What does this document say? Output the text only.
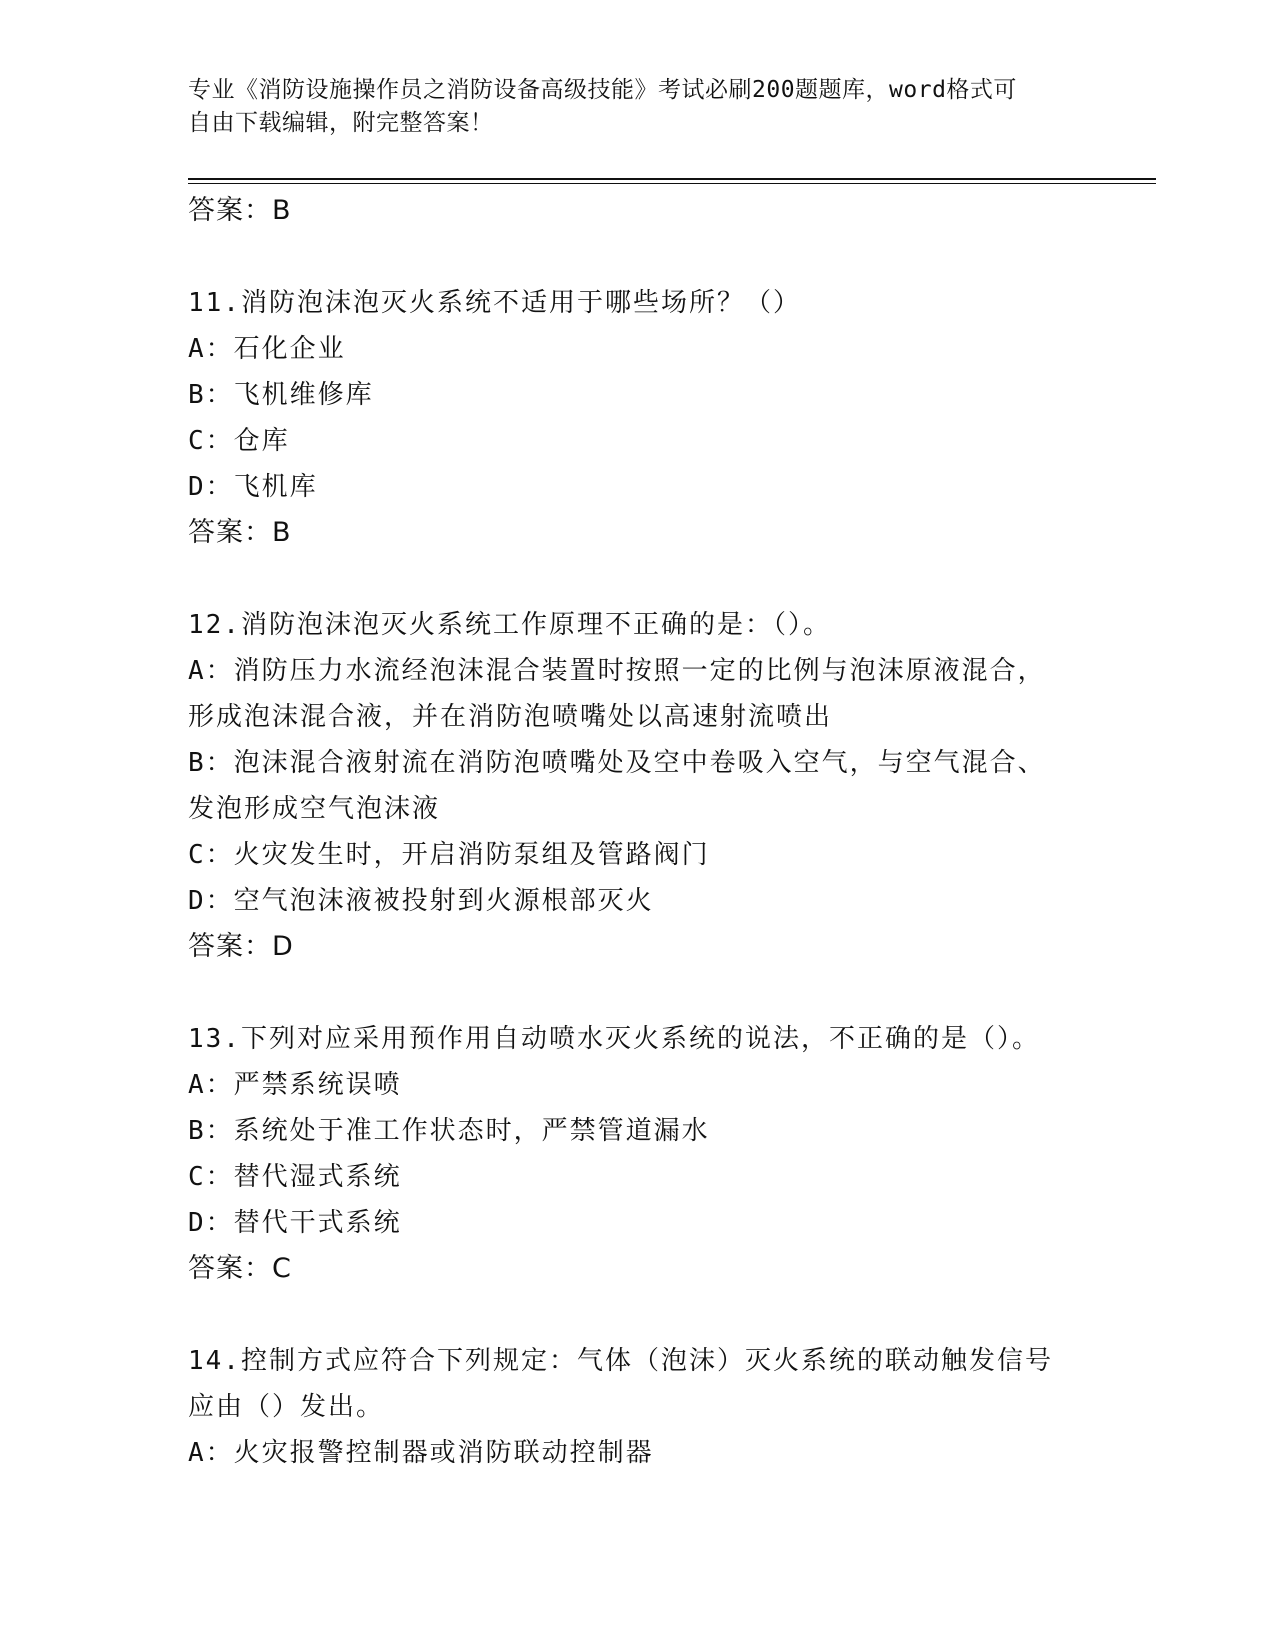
专业《消防设施操作员之消防设备高级技能》考试必刷200题题库，word格式可
自由下载编辑，附完整答案！
答案：B
11.消防泡沫泡灭火系统不适用于哪些场所？（）
A：石化企业
B：飞机维修库
C：仓库
D：飞机库
答案：B
12.消防泡沫泡灭火系统工作原理不正确的是：（）。
A：消防压力水流经泡沫混合装置时按照一定的比例与泡沫原液混合，
形成泡沫混合液，并在消防泡喷嘴处以高速射流喷出
B：泡沫混合液射流在消防泡喷嘴处及空中卷吸入空气，与空气混合、
发泡形成空气泡沫液
C：火灾发生时，开启消防泵组及管路阀门
D：空气泡沫液被投射到火源根部灭火
答案：D
13.下列对应采用预作用自动喷水灭火系统的说法，不正确的是（）。
A：严禁系统误喷
B：系统处于准工作状态时，严禁管道漏水
C：替代湿式系统
D：替代干式系统
答案：C
14.控制方式应符合下列规定：气体（泡沫）灭火系统的联动触发信号
应由（）发出。
A：火灾报警控制器或消防联动控制器
